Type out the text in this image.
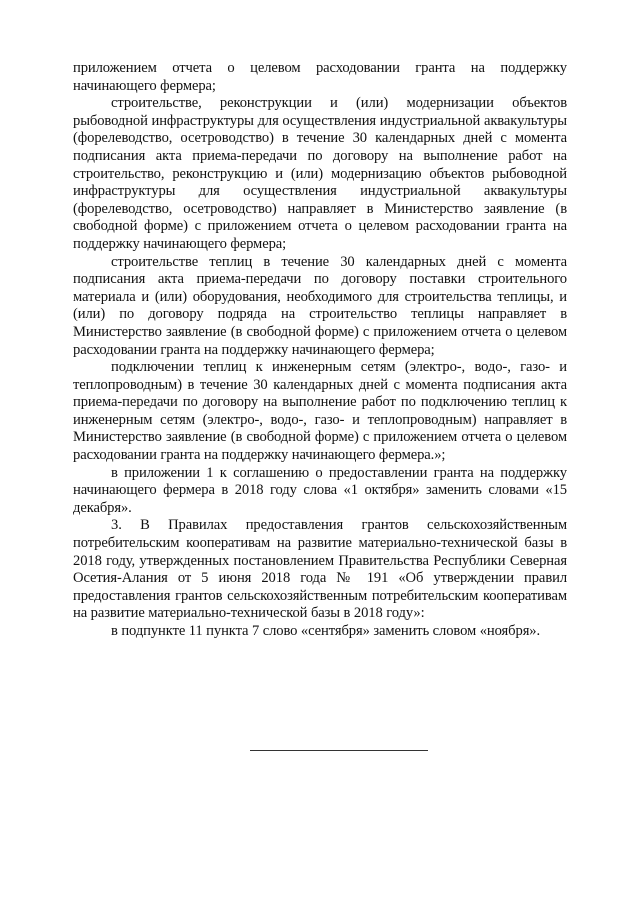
приложением отчета о целевом расходовании гранта на поддержку начинающего фермера;

строительстве, реконструкции и (или) модернизации объектов рыбоводной инфраструктуры для осуществления индустриальной аквакультуры (форелеводство, осетроводство) в течение 30 календарных дней с момента подписания акта приема-передачи по договору на выполнение работ на строительство, реконструкцию и (или) модернизацию объектов рыбоводной инфраструктуры для осуществления индустриальной аквакультуры (форелеводство, осетроводство) направляет в Министерство заявление (в свободной форме) с приложением отчета о целевом расходовании гранта на поддержку начинающего фермера;

строительстве теплиц в течение 30 календарных дней с момента подписания акта приема-передачи по договору поставки строительного материала и (или) оборудования, необходимого для строительства теплицы, и (или) по договору подряда на строительство теплицы направляет в Министерство заявление (в свободной форме) с приложением отчета о целевом расходовании гранта на поддержку начинающего фермера;

подключении теплиц к инженерным сетям (электро-, водо-, газо- и теплопроводным) в течение 30 календарных дней с момента подписания акта приема-передачи по договору на выполнение работ по подключению теплиц к инженерным сетям (электро-, водо-, газо- и теплопроводным) направляет в Министерство заявление (в свободной форме) с приложением отчета о целевом расходовании гранта на поддержку начинающего фермера.»;

в приложении 1 к соглашению о предоставлении гранта на поддержку начинающего фермера в 2018 году слова «1 октября» заменить словами «15 декабря».

3. В Правилах предоставления грантов сельскохозяйственным потребительским кооперативам на развитие материально-технической базы в 2018 году, утвержденных постановлением Правительства Республики Северная Осетия-Алания от 5 июня 2018 года № 191 «Об утверждении правил предоставления грантов сельскохозяйственным потребительским кооперативам на развитие материально-технической базы в 2018 году»:

в подпункте 11 пункта 7 слово «сентября» заменить словом «ноября».
